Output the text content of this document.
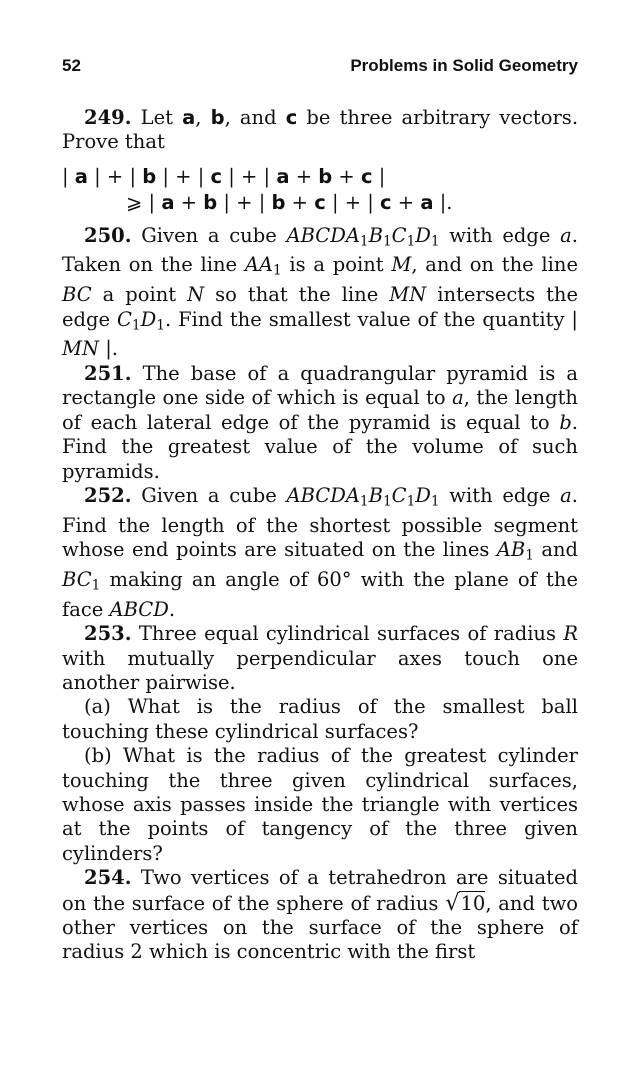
52	Problems in Solid Geometry

249. Let a, b, and c be three arbitrary vectors. Prove that

| a | + | b | + | c | + | a + b + c |
⩾ | a + b | + | b + c | + | c + a |.

250. Given a cube $ABCDA_1B_1C_1D_1$ with edge a. Taken on the line $AA_1$ is a point M, and on the line BC a point N so that the line MN intersects the edge $C_1D_1$. Find the smallest value of the quantity | MN |.

251. The base of a quadrangular pyramid is a rectangle one side of which is equal to a, the length of each lateral edge of the pyramid is equal to b. Find the greatest value of the volume of such pyramids.

252. Given a cube $ABCDA_1B_1C_1D_1$ with edge a. Find the length of the shortest possible segment whose end points are situated on the lines $AB_1$ and $BC_1$ making an angle of 60° with the plane of the face ABCD.

253. Three equal cylindrical surfaces of radius R with mutually perpendicular axes touch one another pairwise.

(a) What is the radius of the smallest ball touching these cylindrical surfaces?

(b) What is the radius of the greatest cylinder touching the three given cylindrical surfaces, whose axis passes inside the triangle with vertices at the points of tangency of the three given cylinders?

254. Two vertices of a tetrahedron are situated on the surface of the sphere of radius √10, and two other vertices on the surface of the sphere of radius 2 which is concentric with the first
